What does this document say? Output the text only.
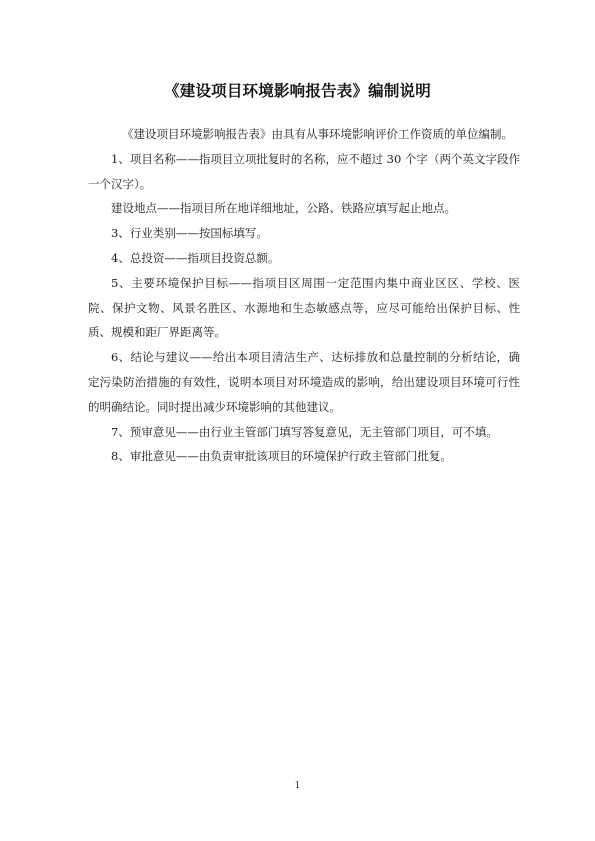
《建设项目环境影响报告表》编制说明

《建设项目环境影响报告表》由具有从事环境影响评价工作资质的单位编制。

1、项目名称——指项目立项批复时的名称，应不超过 30 个字（两个英文字段作一个汉字）。

建设地点——指项目所在地详细地址，公路、铁路应填写起止地点。

3、行业类别——按国标填写。

4、总投资——指项目投资总额。

5、主要环境保护目标——指项目区周围一定范围内集中商业区区、学校、医院、保护文物、风景名胜区、水源地和生态敏感点等，应尽可能给出保护目标、性质、规模和距厂界距离等。

6、结论与建议——给出本项目清洁生产、达标排放和总量控制的分析结论，确定污染防治措施的有效性，说明本项目对环境造成的影响，给出建设项目环境可行性的明确结论。同时提出减少环境影响的其他建议。

7、预审意见——由行业主管部门填写答复意见，无主管部门项目，可不填。

8、审批意见——由负责审批该项目的环境保护行政主管部门批复。

1
